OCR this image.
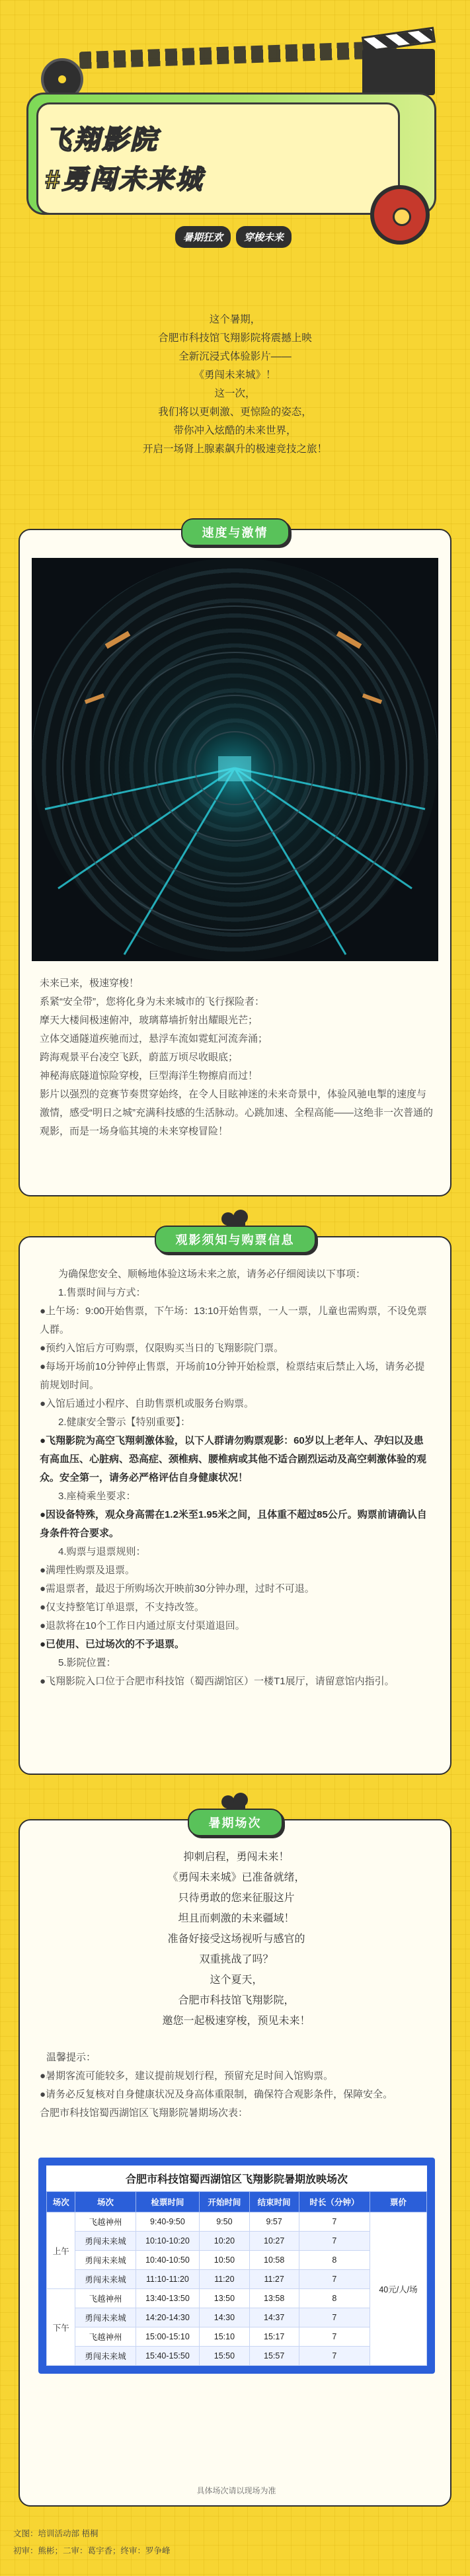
飞翔影院
#勇闯未来城
暑期狂欢	穿梭未来
这个暑期，
合肥市科技馆飞翔影院将震撼上映
全新沉浸式体验影片——
《勇闯未来城》！
这一次，
我们将以更刺激、更惊险的姿态，
带你冲入炫酷的未来世界，
开启一场肾上腺素飙升的极速竞技之旅！
速度与激情

未来已来，极速穿梭！

系紧“安全带”，您将化身为未来城市的飞行探险者：

摩天大楼间极速俯冲，玻璃幕墙折射出耀眼光芒；

立体交通隧道疾驰而过，悬浮车流如霓虹河流奔涌；

跨海观景平台凌空飞跃，蔚蓝万顷尽收眼底；

神秘海底隧道惊险穿梭，巨型海洋生物擦肩而过！

影片以强烈的竞赛节奏贯穿始终，在令人目眩神迷的未来奇景中，体验风驰电掣的速度与激情，感受“明日之城”充满科技感的生活脉动。心跳加速、全程高能——这绝非一次普通的观影，而是一场身临其境的未来穿梭冒险！

观影须知与购票信息

为确保您安全、顺畅地体验这场未来之旅，请务必仔细阅读以下事项：

1.售票时间与方式：

●上午场：9:00开始售票，下午场：13:10开始售票，一人一票，儿童也需购票，不设免票人群。

●预约入馆后方可购票，仅限购买当日的飞翔影院门票。

●每场开场前10分钟停止售票，开场前10分钟开始检票，检票结束后禁止入场，请务必提前规划时间。

●入馆后通过小程序、自助售票机或服务台购票。

2.健康安全警示【特别重要】：

●飞翔影院为高空飞翔刺激体验，以下人群请勿购票观影：60岁以上老年人、孕妇以及患有高血压、心脏病、恐高症、颈椎病、腰椎病或其他不适合剧烈运动及高空刺激体验的观众。安全第一，请务必严格评估自身健康状况！

3.座椅乘坐要求：

●因设备特殊，观众身高需在1.2米至1.95米之间，且体重不超过85公斤。购票前请确认自身条件符合要求。

4.购票与退票规则：

●满理性购票及退票。

●需退票者，最迟于所购场次开映前30分钟办理，过时不可退。

●仅支持整笔订单退票，不支持改签。

●退款将在10个工作日内通过原支付渠道退回。

●已使用、已过场次的不予退票。

5.影院位置：

●飞翔影院入口位于合肥市科技馆（蜀西湖馆区）一楼T1展厅，请留意馆内指引。

暑期场次
抑刺启程，勇闯未来！
《勇闯未来城》已准备就绪，
只待勇敢的您来征服这片
坦且而刺激的未来疆域！
准备好接受这场视听与感官的
双重挑战了吗？
这个夏天，
合肥市科技馆飞翔影院，
邀您一起极速穿梭，预见未来！

温馨提示：

●暑期客流可能较多，建议提前规划行程，预留充足时间入馆购票。

●请务必反复核对自身健康状况及身高体重限制，确保符合观影条件，保障安全。

合肥市科技馆蜀西湖馆区飞翔影院暑期场次表：

合肥市科技馆蜀西湖馆区飞翔影院暑期放映场次
场次	场次	检票时间	开始时间	结束时间	时长（分钟）	票价
上午	飞越神州	9:40-9:50	9:50	9:57	7	40元/人/场
	勇闯未来城	10:10-10:20	10:20	10:27	7	
	勇闯未来城	10:40-10:50	10:50	10:58	8	
	勇闯未来城	11:10-11:20	11:20	11:27	7	
下午	飞越神州	13:40-13:50	13:50	13:58	8	
	勇闯未来城	14:20-14:30	14:30	14:37	7	
	飞越神州	15:00-15:10	15:10	15:17	7	
	勇闯未来城	15:40-15:50	15:50	15:57	7	
具体场次请以现场为准
文图：培训活动部 梧桐
初审：熊彬；二审：葛宇香；终审：罗争峰
